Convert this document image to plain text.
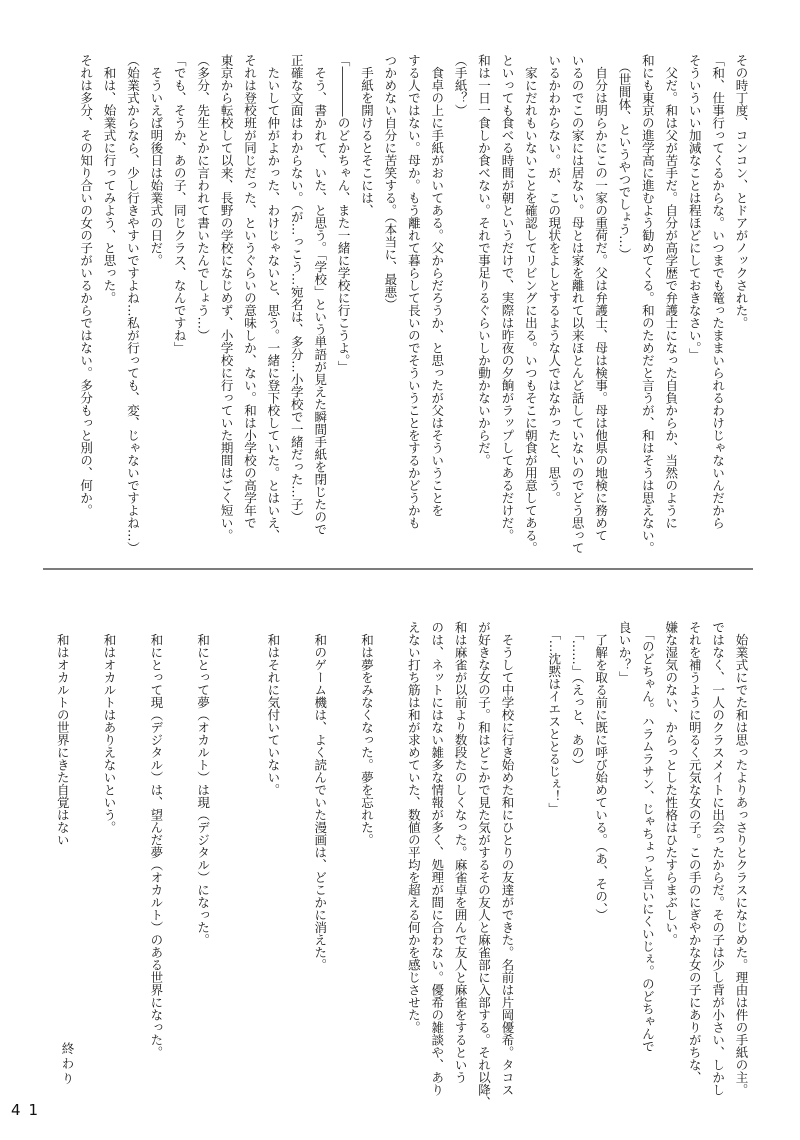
その時丁度、コンコン、とドアがノックされた。

「和、仕事行ってくるからな。いつまでも篭ったままいられるわけじゃないんだから

そういういい加減なことは程ほどにしておきなさい。」

　父だ。和は父が苦手だ。自分が高学歴で弁護士になった自負からか、当然のように

和にも東京の進学高に進むよう勧めてくる。和のためだと言うが、和はそうは思えない。

　（世間体、というやつでしょう…）

　自分は明らかにこの一家の重荷だ。父は弁護士、母は検事。母は他県の地検に務めて

いるのでこの家には居ない。母とは家を離れて以来ほとんど話していないのでどう思って

いるかわからない。が、この現状をよしとするような人ではなかったと、思う。

　家にだれもいないことを確認してリビングに出る。いつもそこに朝食が用意してある。

といっても食べる時間が朝というだけで、実際は昨夜の夕餉がラップしてあるだけだ。

和は一日一食しか食べない。それで事足りるぐらいしか動かないからだ。

（手紙？）

　食卓の上に手紙がおいてある。父からだろうか、と思ったが父はそういうことを

する人ではない。母か。もう離れて暮らして長いのでそういうことをするかどうかも

つかめない自分に苦笑する。（本当に、最悪）

　手紙を開けるとそこには、

「――――のどかちゃん、また一緒に学校に行こうよ。」

　そう、書かれて、いた、と思う。「学校」という単語が見えた瞬間手紙を閉じたので

正確な文面はわからない。（が…っこう…宛名は、多分…小学校で一緒だった…子）

　たいして仲がよかった、わけじゃないと、思う。一緒に登下校していた。とはいえ、

それは登校班が同じだった、というぐらいの意味しか、ない。和は小学校の高学年で

東京から転校して以来、長野の学校になじめず、小学校に行っていた期間はごく短い。

（多分、先生とかに言われて書いたんでしょう…）

「でも、そうか、あの子、同じクラス、なんですね」

　そういえば明後日は始業式の日だ。

（始業式からなら、少し行きやすいですよね…私が行っても、変、じゃないですよね…）

　和は、始業式に行ってみよう、と思った。

それは多分、その知り合いの女の子がいるからではない。多分もっと別の、何か。

　始業式にでた和は思ったよりあっさりとクラスになじめた。理由は件の手紙の主。

ではなく、一人のクラスメイトに出会ったからだ。その子は少し背が小さい、しかし

それを補うように明るく元気な女の子。この手のにぎやかな女の子にありがちな、

嫌な湿気のない、からっとした性格はひたすらまぶしい。

　「のどちゃん。ハラムラサン、じゃちょっと言いにくいじぇ。のどちゃんで

良いか？」

　了解を取る前に既に呼び始めている。（あ、その、）

　「……」（えっと、あの）

　「…沈黙はイエスととるじぇ！」

　そうして中学校に行き始めた和にひとりの友達ができた。名前は片岡優希。タコス

が好きな女の子。和はどこかで見た気がするその友人と麻雀部に入部する。それ以降、

和は麻雀が以前より数段たのしくなった。麻雀卓を囲んで友人と麻雀をするという

のは、ネットにはない雑多な情報が多く、処理が間に合わない。優希の雑談や、あり

えない打ち筋は和が求めていた、数値の平均を超える何かを感じさせた。

　和は夢をみなくなった。夢を忘れた。

　和のゲーム機は、よく読んでいた漫画は、どこかに消えた。

　和はそれに気付いていない。

　和にとって夢（オカルト）は現（デジタル）になった。

　和にとって現（デジタル）は、望んだ夢（オカルト）のある世界になった。

　和はオカルトはありえないという。

　和はオカルトの世界にきた自覚はない

終わり
41
